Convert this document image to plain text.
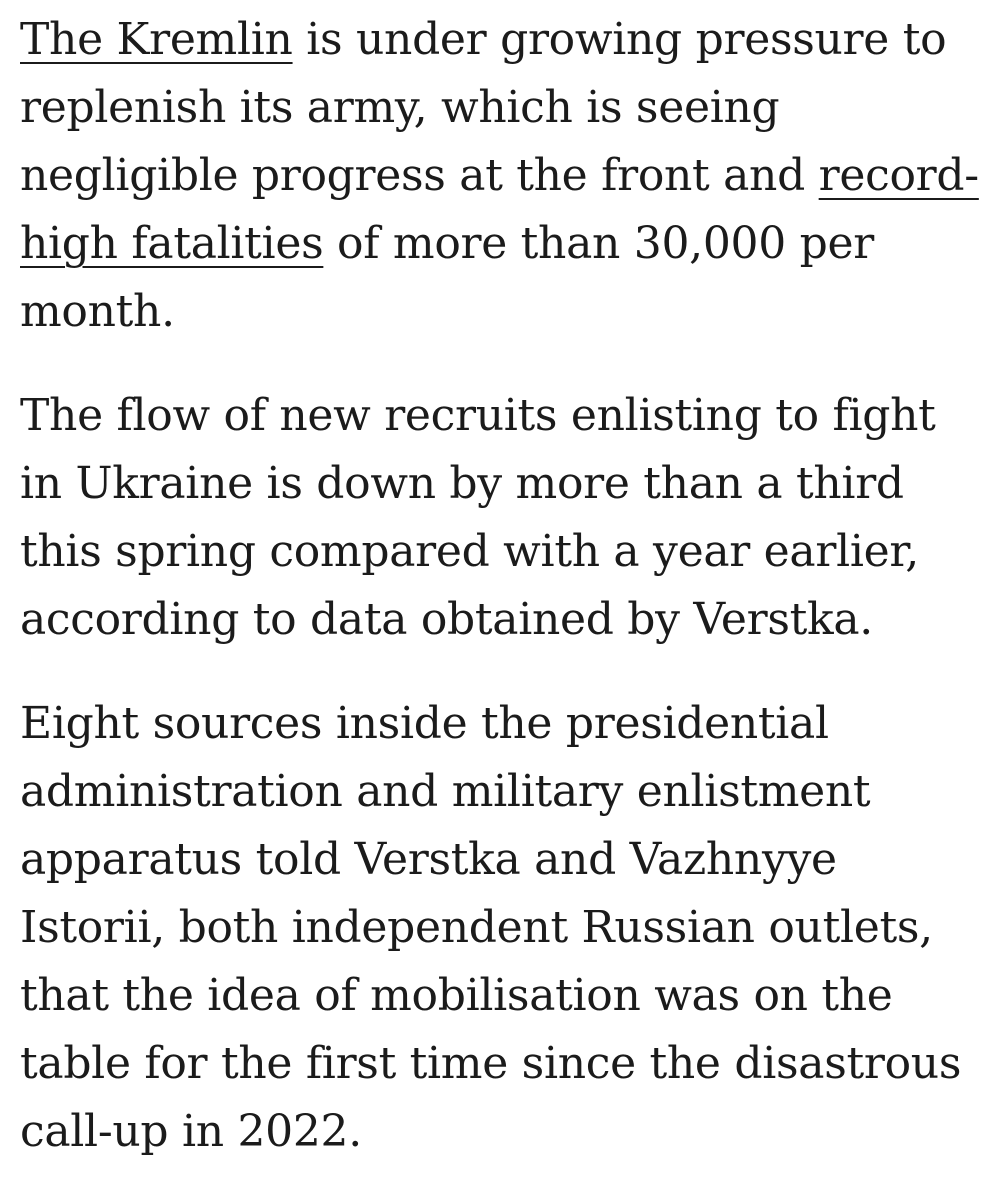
The Kremlin is under growing pressure to replenish its army, which is seeing negligible progress at the front and record-high fatalities of more than 30,000 per month.

The flow of new recruits enlisting to fight in Ukraine is down by more than a third this spring compared with a year earlier, according to data obtained by Verstka.

Eight sources inside the presidential administration and military enlistment apparatus told Verstka and Vazhnyye Istorii, both independent Russian outlets, that the idea of mobilisation was on the table for the first time since the disastrous call-up in 2022.
